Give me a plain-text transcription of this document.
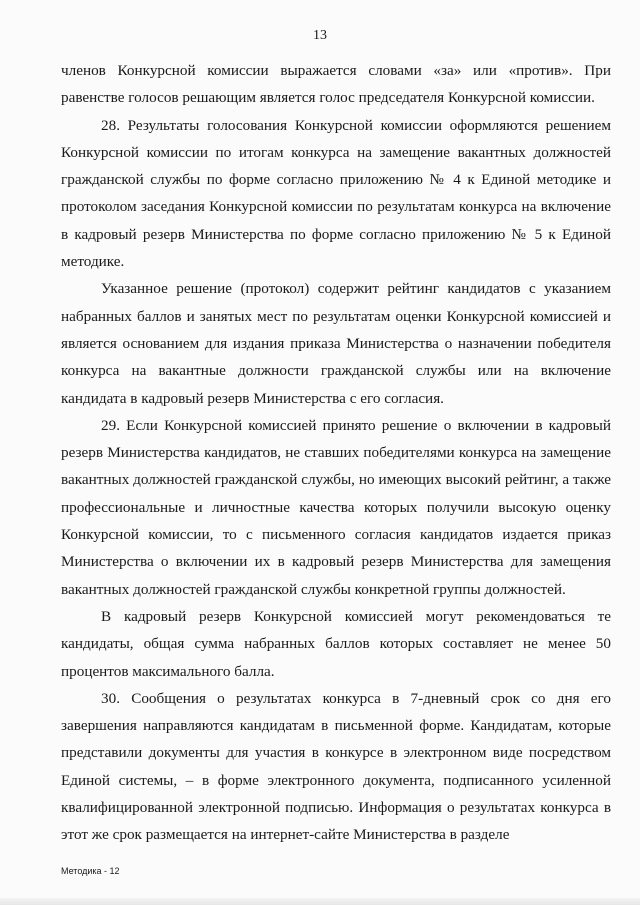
13

членов Конкурсной комиссии выражается словами «за» или «против». При равенстве голосов решающим является голос председателя Конкурсной комиссии.

28. Результаты голосования Конкурсной комиссии оформляются решением Конкурсной комиссии по итогам конкурса на замещение вакантных должностей гражданской службы по форме согласно приложению № 4 к Единой методике и протоколом заседания Конкурсной комиссии по результатам конкурса на включение в кадровый резерв Министерства по форме согласно приложению № 5 к Единой методике.

Указанное решение (протокол) содержит рейтинг кандидатов с указанием набранных баллов и занятых мест по результатам оценки Конкурсной комиссией и является основанием для издания приказа Министерства о назначении победителя конкурса на вакантные должности гражданской службы или на включение кандидата в кадровый резерв Министерства с его согласия.

29. Если Конкурсной комиссией принято решение о включении в кадровый резерв Министерства кандидатов, не ставших победителями конкурса на замещение вакантных должностей гражданской службы, но имеющих высокий рейтинг, а также профессиональные и личностные качества которых получили высокую оценку Конкурсной комиссии, то с письменного согласия кандидатов издается приказ Министерства о включении их в кадровый резерв Министерства для замещения вакантных должностей гражданской службы конкретной группы должностей.

В кадровый резерв Конкурсной комиссией могут рекомендоваться те кандидаты, общая сумма набранных баллов которых составляет не менее 50 процентов максимального балла.

30. Сообщения о результатах конкурса в 7-дневный срок со дня его завершения направляются кандидатам в письменной форме. Кандидатам, которые представили документы для участия в конкурсе в электронном виде посредством Единой системы, – в форме электронного документа, подписанного усиленной квалифицированной электронной подписью. Информация о результатах конкурса в этот же срок размещается на интернет-сайте Министерства в разделе

Методика - 12
